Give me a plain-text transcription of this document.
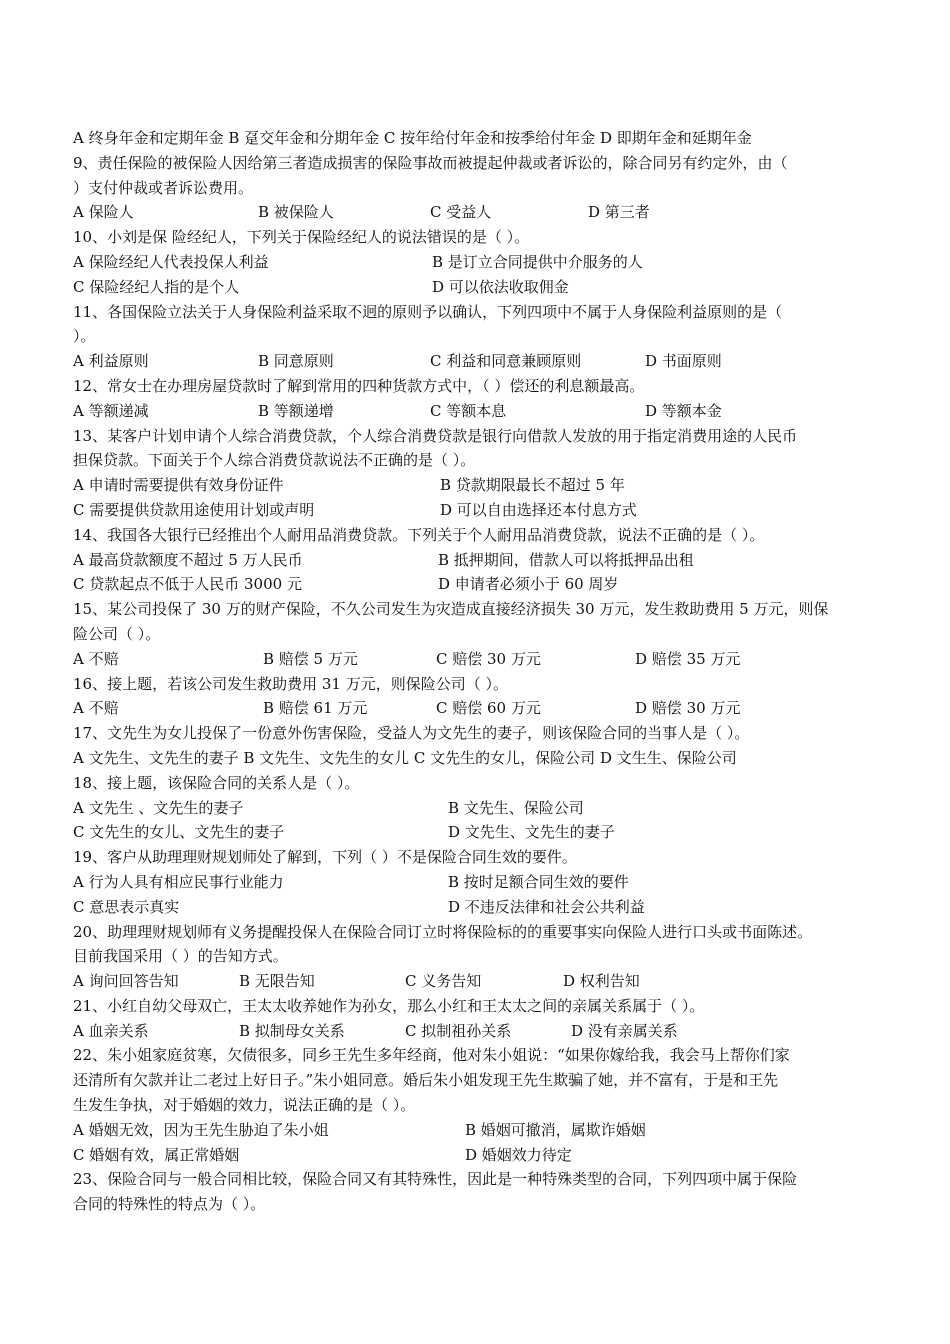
A 终身年金和定期年金 B 趸交年金和分期年金 C 按年给付年金和按季给付年金 D 即期年金和延期年金
9、责任保险的被保险人因给第三者造成损害的保险事故而被提起仲裁或者诉讼的，除合同另有约定外，由（
）支付仲裁或者诉讼费用。
A 保险人	B 被保险人	C 受益人	D 第三者
10、小刘是保 险经纪人，下列关于保险经纪人的说法错误的是（ ）。
A 保险经纪人代表投保人利益	B 是订立合同提供中介服务的人
C 保险经纪人指的是个人	D 可以依法收取佣金
11、各国保险立法关于人身保险利益采取不迥的原则予以确认，下列四项中不属于人身保险利益原则的是（
）。
A 利益原则	B 同意原则	C 利益和同意兼顾原则	D 书面原则
12、常女士在办理房屋贷款时了解到常用的四种货款方式中，（ ）偿还的利息额最高。
A 等额递减	B 等额递增	C 等额本息	D 等额本金
13、某客户计划申请个人综合消费贷款，个人综合消费贷款是银行向借款人发放的用于指定消费用途的人民币
担保贷款。下面关于个人综合消费贷款说法不正确的是（ ）。
A 申请时需要提供有效身份证件	B 贷款期限最长不超过 5 年
C 需要提供贷款用途使用计划或声明	D 可以自由选择还本付息方式
14、我国各大银行已经推出个人耐用品消费贷款。下列关于个人耐用品消费贷款，说法不正确的是（ ）。
A 最高贷款额度不超过 5 万人民币	B 抵押期间，借款人可以将抵押品出租
C 贷款起点不低于人民币 3000 元	D 申请者必须小于 60 周岁
15、某公司投保了 30 万的财产保险，不久公司发生为灾造成直接经济损失 30 万元，发生救助费用 5 万元，则保
险公司（ ）。
A 不赔	B 赔偿 5 万元	C 赔偿 30 万元	D 赔偿 35 万元
16、接上题，若该公司发生救助费用 31 万元，则保险公司（ ）。
A 不赔	B 赔偿 61 万元	C 赔偿 60 万元	D 赔偿 30 万元
17、文先生为女儿投保了一份意外伤害保险，受益人为文先生的妻子，则该保险合同的当事人是（ ）。
A 文先生、文先生的妻子 B 文先生、文先生的女儿 C 文先生的女儿，保险公司 D 文生生、保险公司
18、接上题，该保险合同的关系人是（ ）。
A 文先生 、文先生的妻子	B 文先生、保险公司
C 文先生的女儿、文先生的妻子	D 文先生、文先生的妻子
19、客户从助理理财规划师处了解到，下列（ ）不是保险合同生效的要件。
A 行为人具有相应民事行业能力	B 按时足额合同生效的要件
C 意思表示真实	D 不违反法律和社会公共利益
20、助理理财规划师有义务提醒投保人在保险合同订立时将保险标的的重要事实向保险人进行口头或书面陈述。
目前我国采用（ ）的告知方式。
A 询问回答告知	B 无限告知	C 义务告知	D 权利告知
21、小红自幼父母双亡，王太太收养她作为孙女，那么小红和王太太之间的亲属关系属于（ ）。
A 血亲关系	B 拟制母女关系	C 拟制祖孙关系	D 没有亲属关系
22、朱小姐家庭贫寒，欠债很多，同乡王先生多年经商，他对朱小姐说：“如果你嫁给我，我会马上帮你们家
还清所有欠款并让二老过上好日子。”朱小姐同意。婚后朱小姐发现王先生欺骗了她，并不富有，于是和王先
生发生争执，对于婚姻的效力，说法正确的是（ ）。
A 婚姻无效，因为王先生胁迫了朱小姐	B 婚姻可撤消，属欺诈婚姻
C 婚姻有效，属正常婚姻	D 婚姻效力待定
23、保险合同与一般合同相比较，保险合同又有其特殊性，因此是一种特殊类型的合同，下列四项中属于保险
合同的特殊性的特点为（ ）。
